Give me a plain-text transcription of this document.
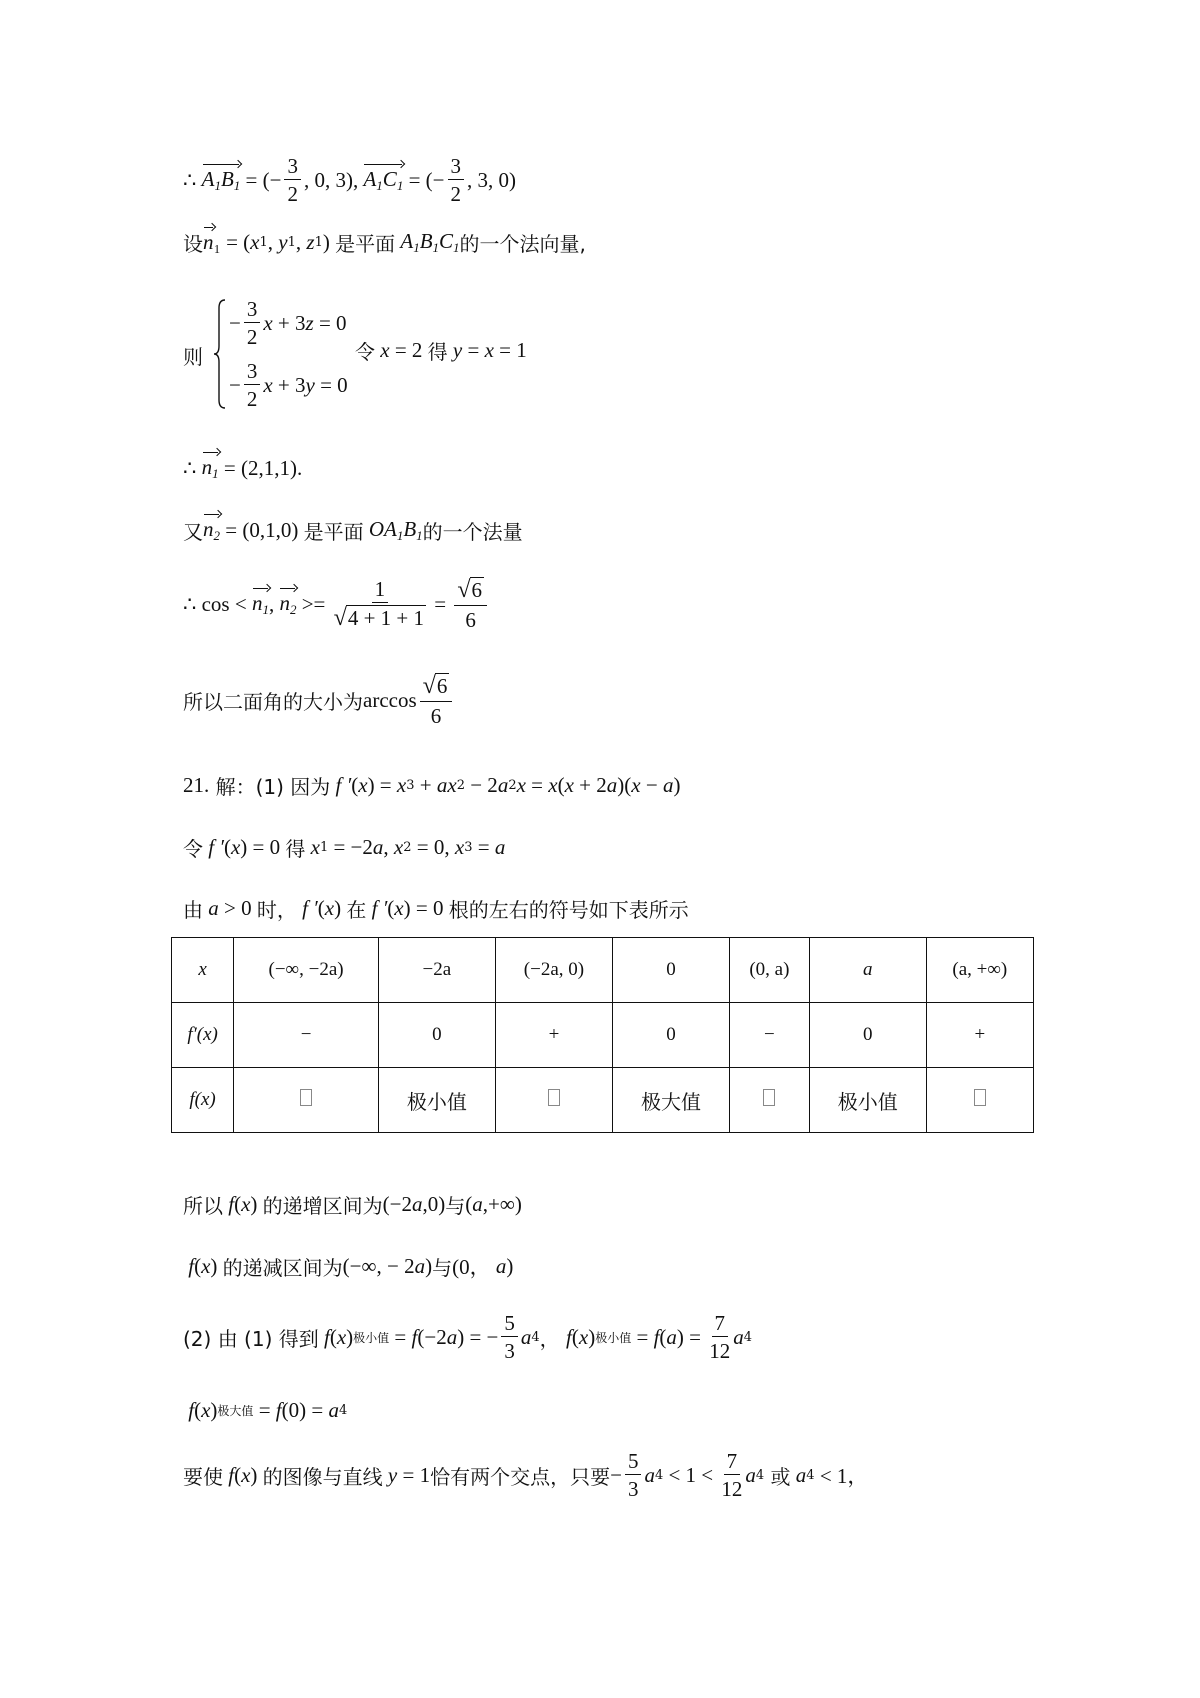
∴ $A_1B_1$ = (− $\frac{3}{2}$ , 0, 3), $A_1C_1$ = (− $\frac{3}{2}$ , 3, 0)
设 n ₁ = ( x 1 , y 1 , z 1 ) 是平面 $A_1B_1C_1$ 的一个法向量,
则
− $\frac{3}{2}$ x + 3 z = 0
− $\frac{3}{2}$ x + 3 y = 0
令 x = 2 得 y = x = 1
∴ $n_1 = (2,1,1)$.
又 $n_2 = (0,1,0)$ 是平面 $OA_1B_1$ 的一个法量
∴ $\cos < n_1$ , $n_2 >= \frac{1}{√4 + 1 + 1} = \frac{√6}{6}$
所以二面角的大小为 $\arccos \frac{√6}{6}$
21.
解：(1) 因为 f ′ ( x ) = x 3 + ax 2 − 2 a 2 x = x ( x + 2 a )( x − a )
令 f ′ ( x ) = 0 得 x 1 = −2 a , x 2 = 0, x 3 = a
由 a > 0 时， f ′ ( x ) 在 f ′ ( x ) = 0 根的左右的符号如下表所示
x	(−∞, −2a)	−2a	(−2a, 0)	0	(0, a)	a	(a, +∞)
f′(x)	−	0	+	0	−	0	+
f(x)		极小值		极大值		极小值	
所以 f ( x ) 的递增区间为 (−2 a ,0) 与 ( a ,+∞)
f ( x ) 的递减区间为 (−∞, − 2 a ) 与 (0， a )
(2) 由 (1) 得到 f ( x ) 极小值 = f (−2 a ) = − $\frac{5}{3}$ a 4 ， f ( x ) 极小值 = f ( a ) = $\frac{7}{12}$ a 4
f ( x ) 极大值 = f (0) = a 4
要使 f ( x ) 的图像与直线 y = 1 恰有两个交点，只要 − $\frac{5}{3}$ a $4 < 1 < \frac{7}{12}$ a 4
或 a 4 < 1，
